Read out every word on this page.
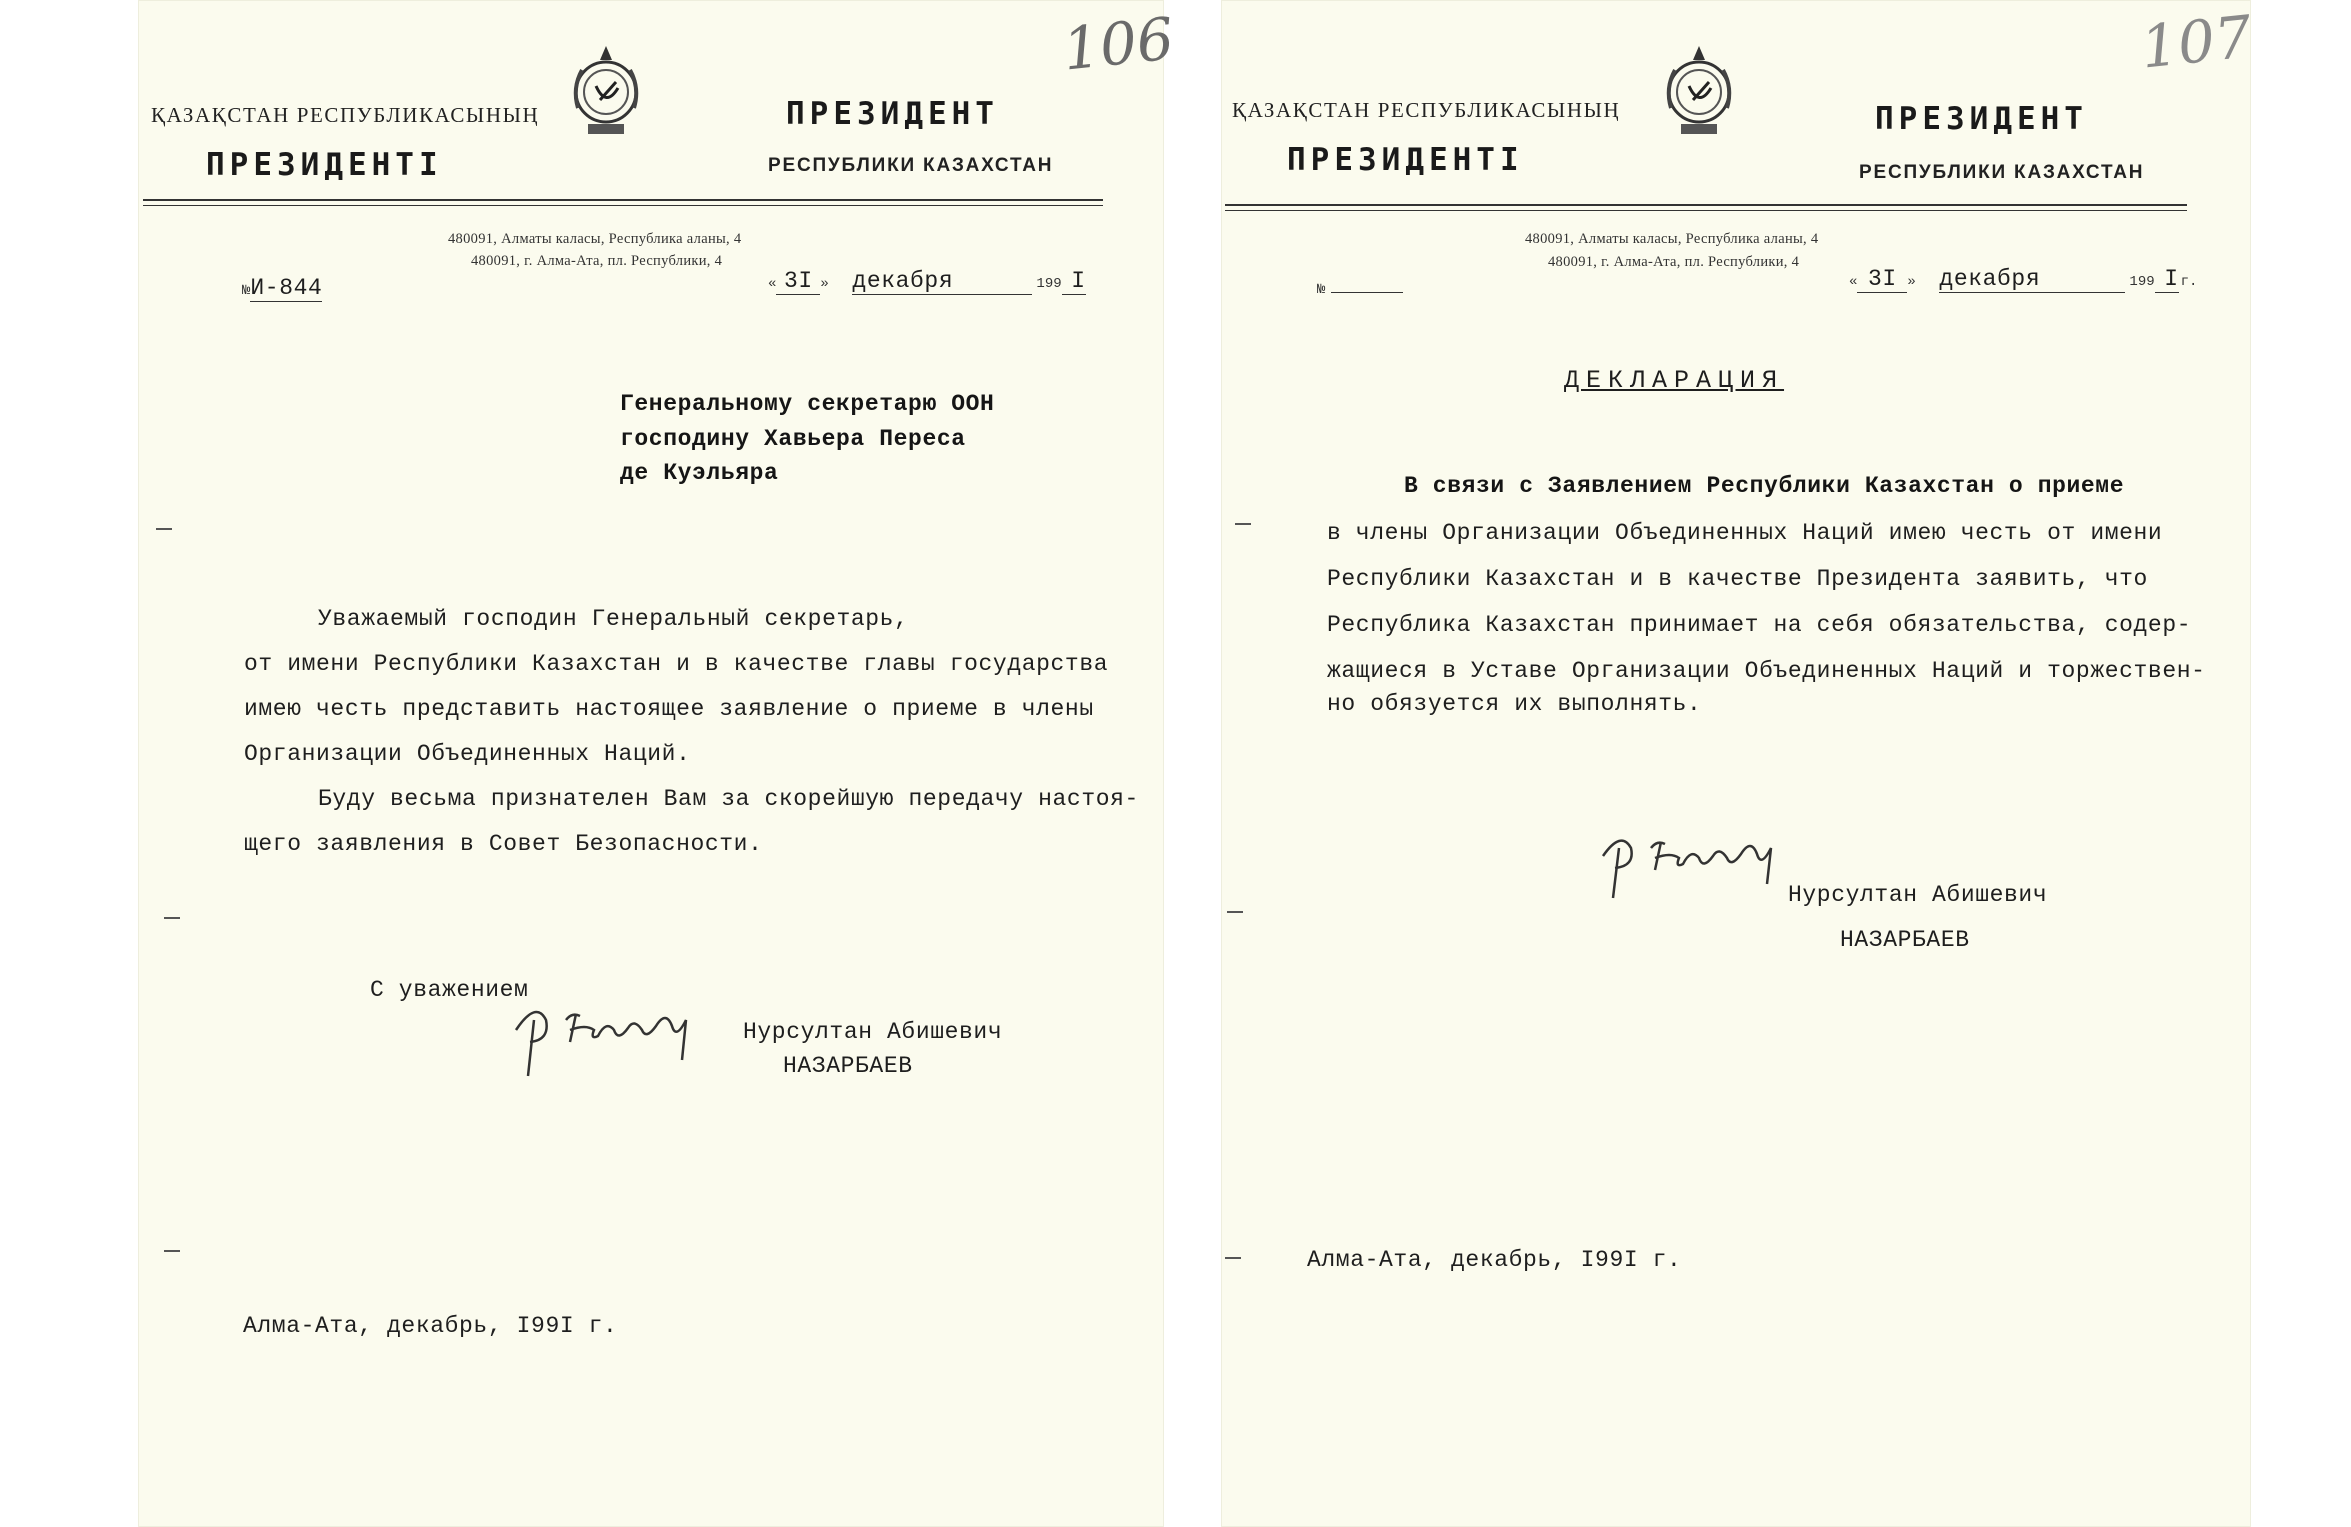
106
ҚАЗАҚСТАН РЕСПУБЛИКАСЫНЫҢ
ПРЕЗИДЕНТІ
ПРЕЗИДЕНТ
РЕСПУБЛИКИ КАЗАХСТАН
480091, Алматы каласы, Республика аланы, 4
480091, г. Алма-Ата, пл. Республики, 4
№И-844	« 3I » декабря	199 I
Генеральному секретарю ООН
господину Хавьера Переса
де Куэльяра
Уважаемый господин Генеральный секретарь,
от имени Республики Казахстан и в качестве главы государства
имею честь представить настоящее заявление о приеме в члены
Организации Объединенных Наций.
Буду весьма признателен Вам за скорейшую передачу настоя-
щего заявления в Совет Безопасности.
С уважением
Нурсултан Абишевич
НАЗАРБАЕВ
Алма-Ата, декабрь, I99I г.
107
ҚАЗАҚСТАН РЕСПУБЛИКАСЫНЫҢ
ПРЕЗИДЕНТІ
ПРЕЗИДЕНТ
РЕСПУБЛИКИ КАЗАХСТАН
480091, Алматы каласы, Республика аланы, 4
480091, г. Алма-Ата, пл. Республики, 4
№	« 3I » декабря	199 I г.
ДЕКЛАРАЦИЯ
В связи с Заявлением Республики Казахстан о приеме
в члены Организации Объединенных Наций имею честь от имени
Республики Казахстан и в качестве Президента заявить, что
Республика Казахстан принимает на себя обязательства, содер-
жащиеся в Уставе Организации Объединенных Наций и торжествен-
но обязуется их выполнять.
Нурсултан Абишевич
НАЗАРБАЕВ
Алма-Ата, декабрь, I99I г.
